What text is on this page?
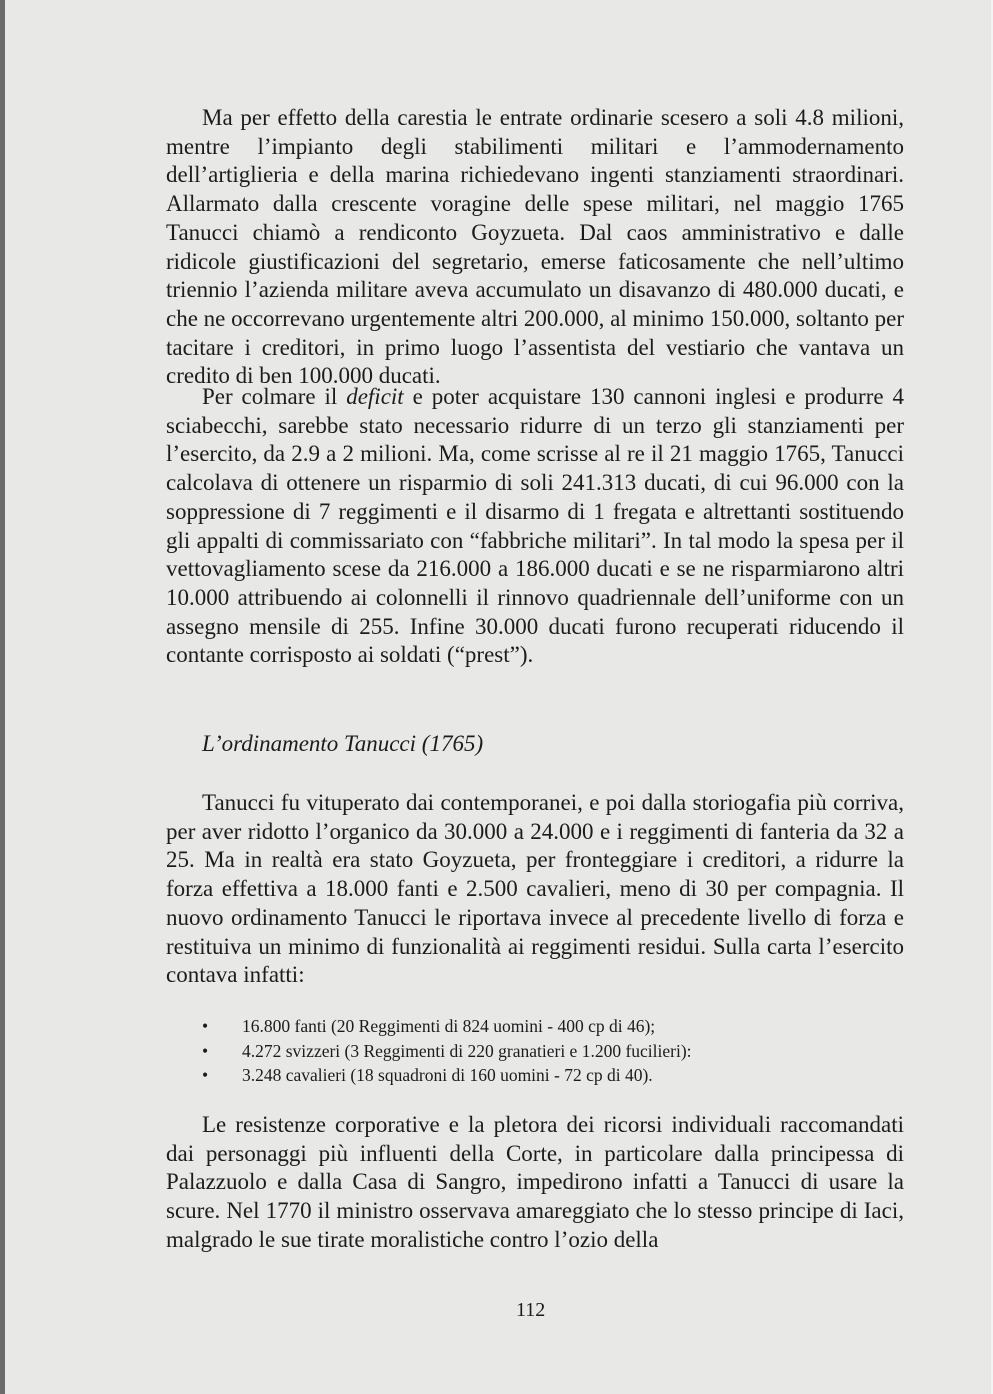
Ma per effetto della carestia le entrate ordinarie scesero a soli 4.8 milioni, mentre l’impianto degli stabilimenti militari e l’ammodernamento dell’artiglieria e della marina richiedevano ingenti stanziamenti straordinari. Allarmato dalla crescente voragine delle spese militari, nel maggio 1765 Tanucci chiamò a rendiconto Goyzueta. Dal caos amministrativo e dalle ridicole giustificazioni del segretario, emerse faticosamente che nell’ultimo triennio l’azienda militare aveva accumulato un disavanzo di 480.000 ducati, e che ne occorrevano urgentemente altri 200.000, al minimo 150.000, soltanto per tacitare i creditori, in primo luogo l’assentista del vestiario che vantava un credito di ben 100.000 ducati.

Per colmare il deficit e poter acquistare 130 cannoni inglesi e produrre 4 sciabecchi, sarebbe stato necessario ridurre di un terzo gli stanziamenti per l’esercito, da 2.9 a 2 milioni. Ma, come scrisse al re il 21 maggio 1765, Tanucci calcolava di ottenere un risparmio di soli 241.313 ducati, di cui 96.000 con la soppressione di 7 reggimenti e il disarmo di 1 fregata e altrettanti sostituendo gli appalti di commissariato con “fabbriche militari”. In tal modo la spesa per il vettovagliamento scese da 216.000 a 186.000 ducati e se ne risparmiarono altri 10.000 attribuendo ai colonnelli il rinnovo quadriennale dell’uniforme con un assegno mensile di 255. Infine 30.000 ducati furono recuperati riducendo il contante corrisposto ai soldati (“prest”).

L’ordinamento Tanucci (1765)

Tanucci fu vituperato dai contemporanei, e poi dalla storiogafia più corriva, per aver ridotto l’organico da 30.000 a 24.000 e i reggimenti di fanteria da 32 a 25. Ma in realtà era stato Goyzueta, per fronteggiare i creditori, a ridurre la forza effettiva a 18.000 fanti e 2.500 cavalieri, meno di 30 per compagnia. Il nuovo ordinamento Tanucci le riportava invece al precedente livello di forza e restituiva un minimo di funzionalità ai reggimenti residui. Sulla carta l’esercito contava infatti:

• 16.800 fanti (20 Reggimenti di 824 uomini - 400 cp di 46);
• 4.272 svizzeri (3 Reggimenti di 220 granatieri e 1.200 fucilieri):
• 3.248 cavalieri (18 squadroni di 160 uomini - 72 cp di 40).

Le resistenze corporative e la pletora dei ricorsi individuali raccomandati dai personaggi più influenti della Corte, in particolare dalla principessa di Palazzuolo e dalla Casa di Sangro, impedirono infatti a Tanucci di usare la scure. Nel 1770 il ministro osservava amareggiato che lo stesso principe di Iaci, malgrado le sue tirate moralistiche contro l’ozio della

112
